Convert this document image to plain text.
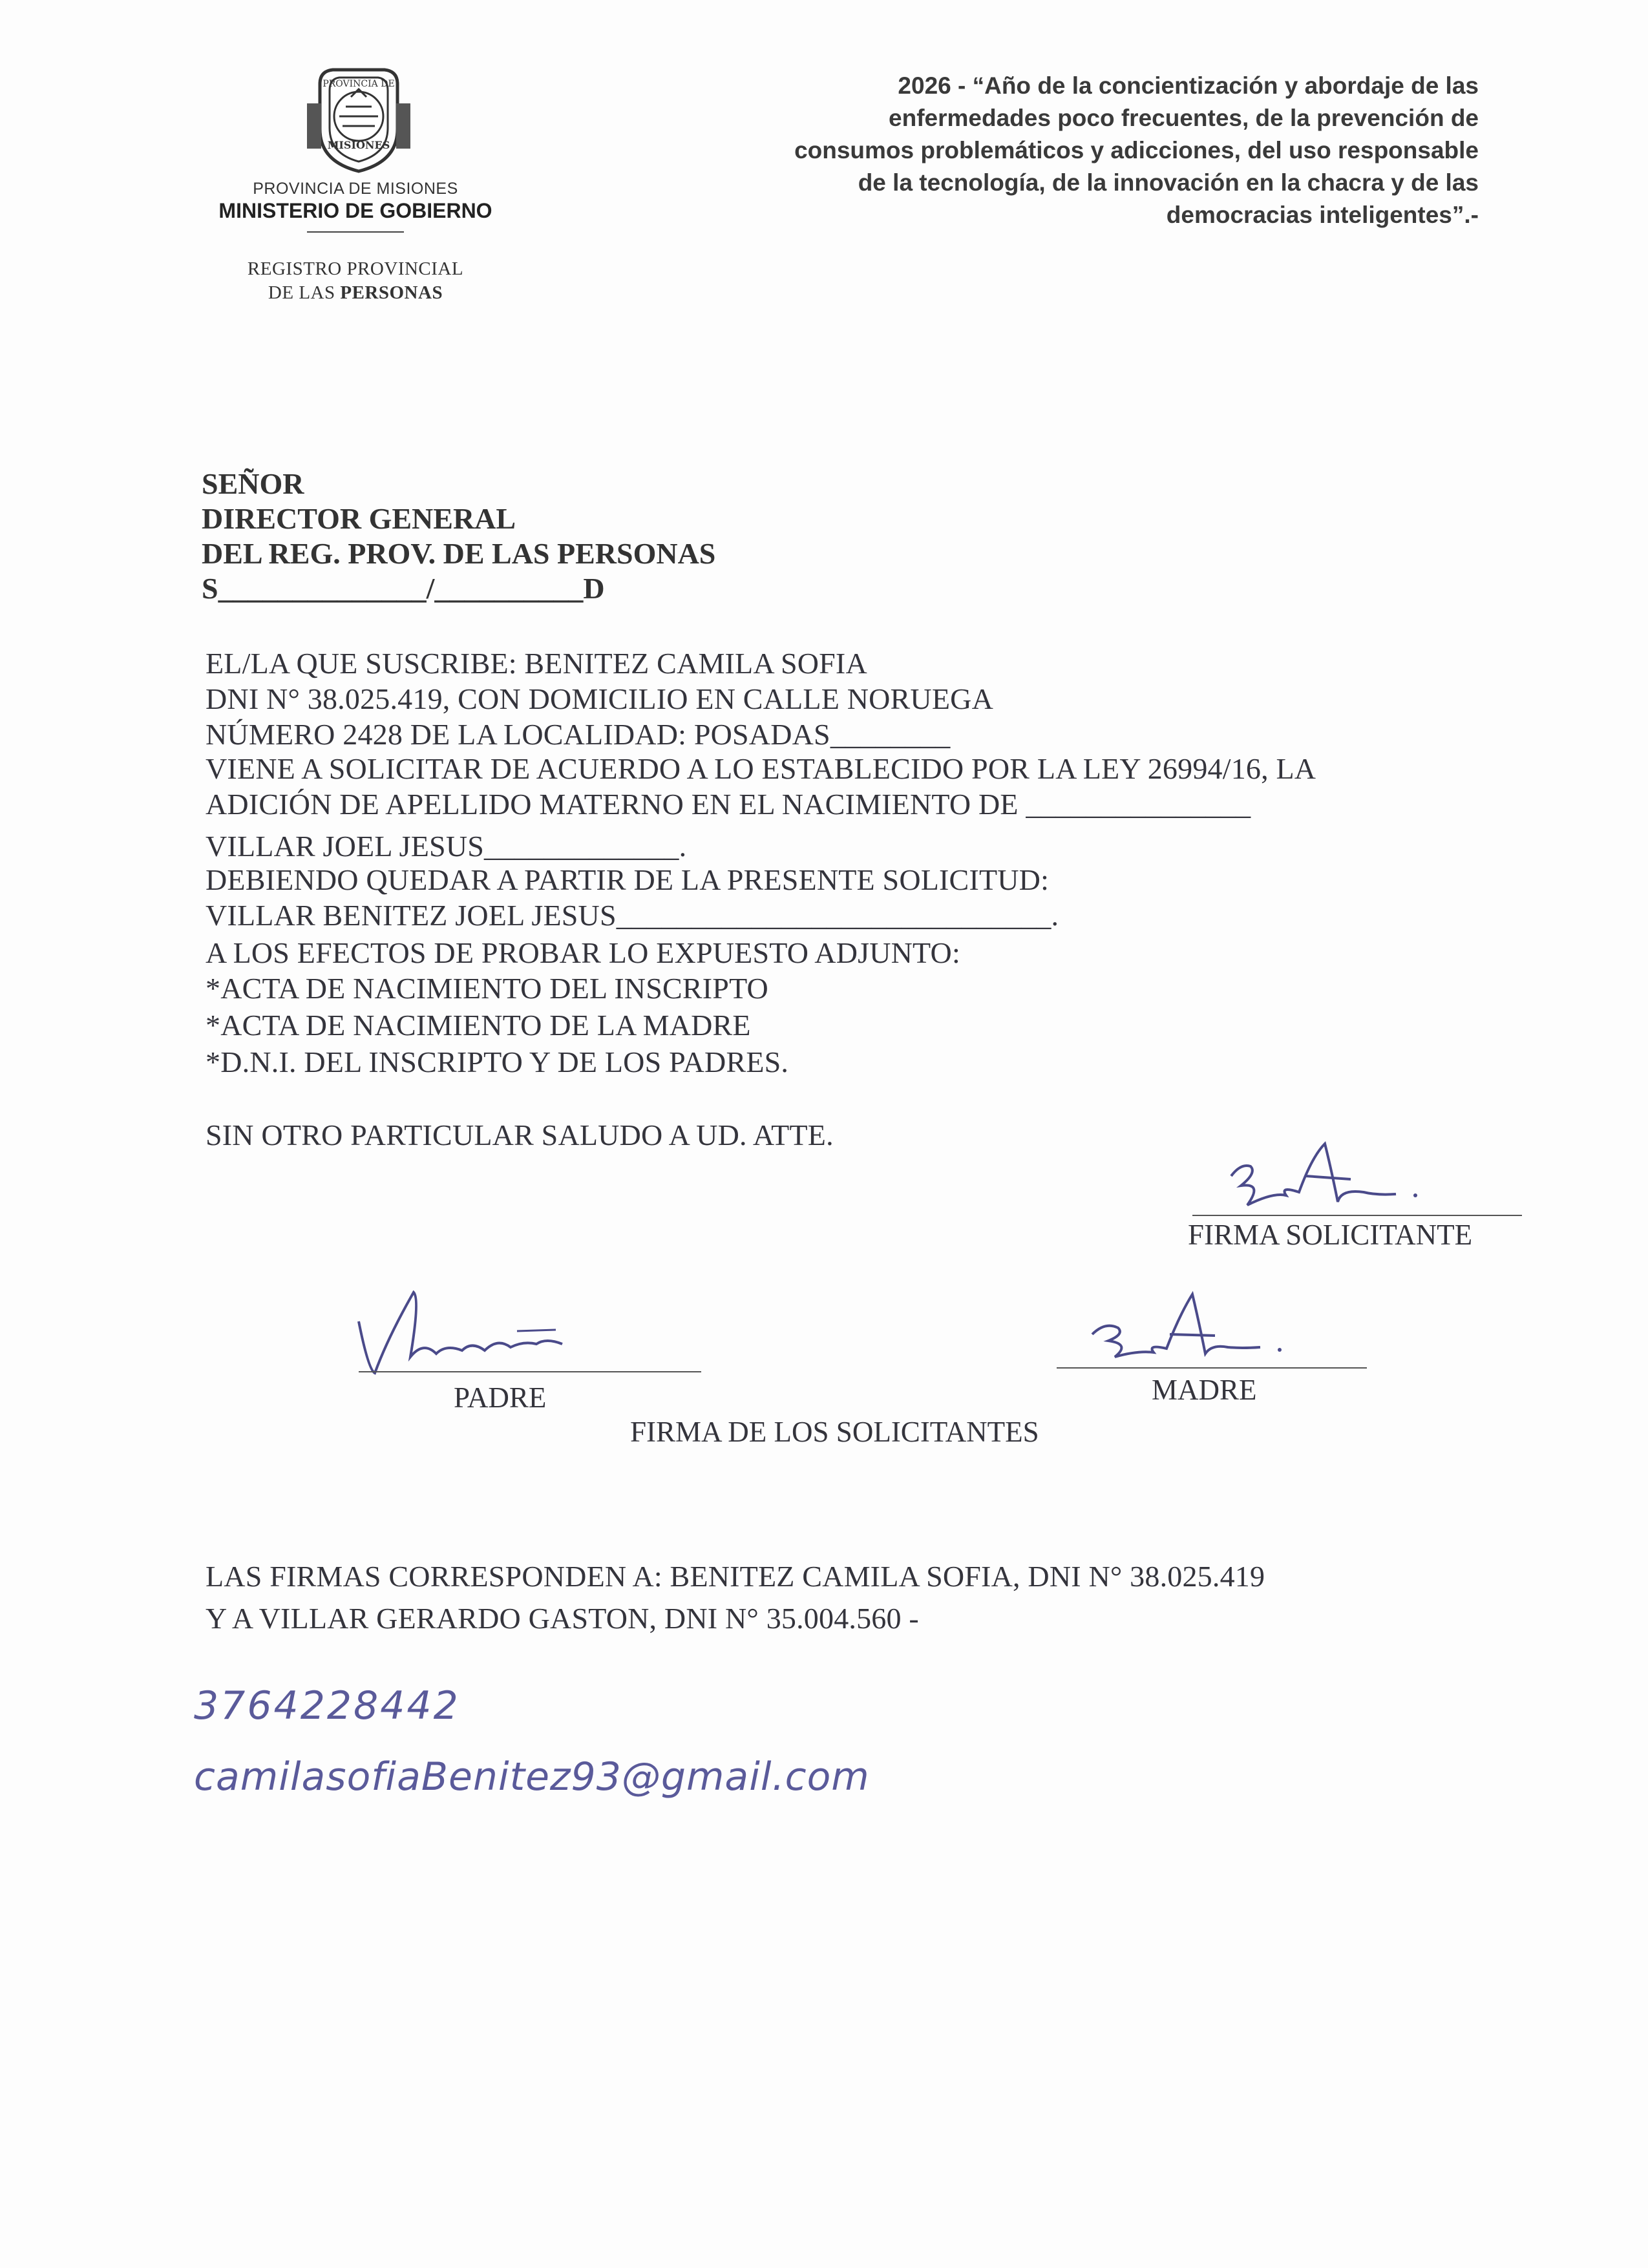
PROVINCIA DE
MISIONES
PROVINCIA DE MISIONES
MINISTERIO DE GOBIERNO
REGISTRO PROVINCIAL
DE LAS PERSONAS
2026 - “Año de la concientización y abordaje de las
enfermedades poco frecuentes, de la prevención de
consumos problemáticos y adicciones, del uso responsable
de la tecnología, de la innovación en la chacra y de las
democracias inteligentes”.-
SEÑOR
DIRECTOR GENERAL
DEL REG. PROV. DE LAS PERSONAS
S______________/__________D
EL/LA QUE SUSCRIBE: BENITEZ CAMILA SOFIA
DNI N° 38.025.419, CON DOMICILIO EN CALLE NORUEGA
NÚMERO 2428 DE LA LOCALIDAD: POSADAS________
VIENE A SOLICITAR DE ACUERDO A LO ESTABLECIDO POR LA LEY 26994/16, LA
ADICIÓN DE APELLIDO MATERNO EN EL NACIMIENTO DE _______________
VILLAR JOEL JESUS_____________.
DEBIENDO QUEDAR A PARTIR DE LA PRESENTE SOLICITUD:
VILLAR BENITEZ JOEL JESUS_____________________________.
A LOS EFECTOS DE PROBAR LO EXPUESTO ADJUNTO:
*ACTA DE NACIMIENTO DEL INSCRIPTO
*ACTA DE NACIMIENTO DE LA MADRE
*D.N.I. DEL INSCRIPTO Y DE LOS PADRES.
SIN OTRO PARTICULAR SALUDO A UD. ATTE.
FIRMA SOLICITANTE
PADRE	MADRE
FIRMA DE LOS SOLICITANTES
LAS FIRMAS CORRESPONDEN A: BENITEZ CAMILA SOFIA, DNI N° 38.025.419
Y A VILLAR GERARDO GASTON, DNI N° 35.004.560 -
3764228442
camilasofiaBenitez93@gmail.com
